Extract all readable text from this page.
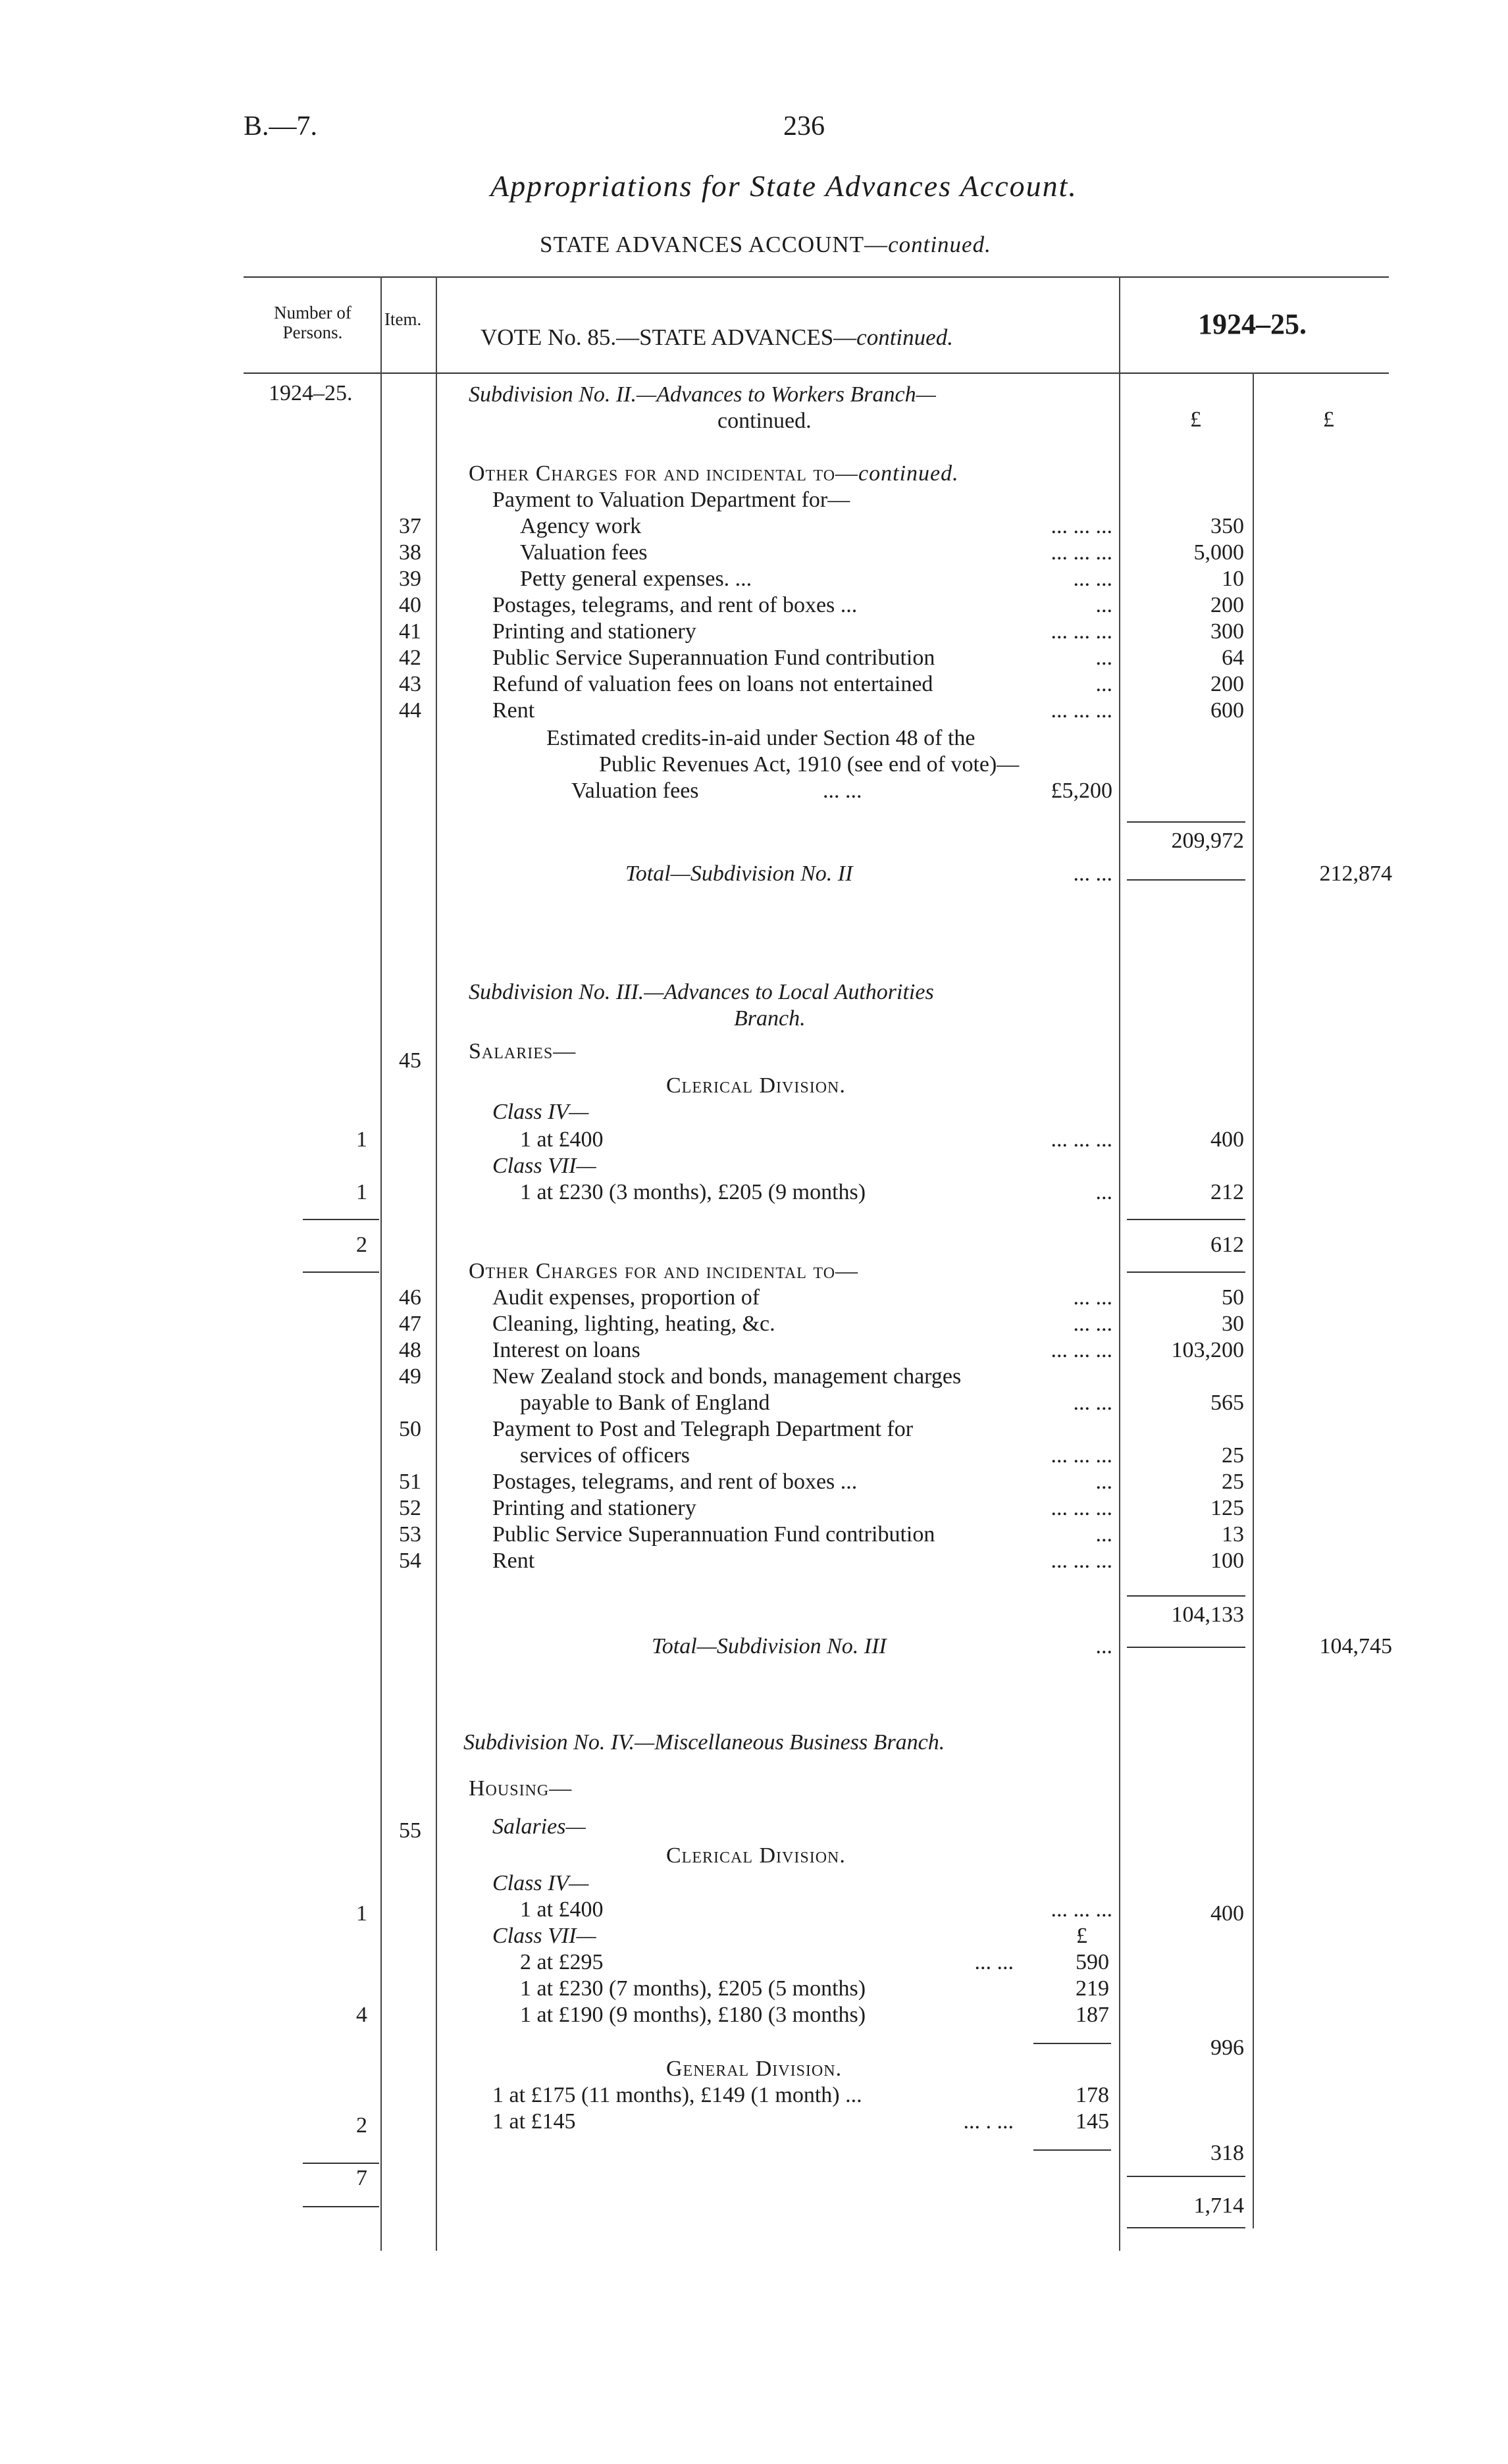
B.—7.	236
Appropriations for State Advances Account.
STATE ADVANCES ACCOUNT—continued.
Number of Persons.
Item.
VOTE No. 85.—STATE ADVANCES—continued.	1924–25.
1924–25.
£	£
Subdivision No. II.—Advances to Workers Branch—
continued.
Other Charges for and incidental to—continued.
Payment to Valuation Department for—
37	Agency work	... ... ...	350
38	Valuation fees	... ... ...	5,000
39	Petty general expenses. ...	... ...	10
40	Postages, telegrams, and rent of boxes ...	...	200
41	Printing and stationery	... ... ...	300
42	Public Service Superannuation Fund contribution	...	64
43	Refund of valuation fees on loans not entertained	...	200
44	Rent	... ... ...	600
Estimated credits-in-aid under Section 48 of the
Public Revenues Act, 1910 (see end of vote)—
Valuation fees	... ...	£5,200
209,972
Total—Subdivision No. II	... ...	212,874
Subdivision No. III.—Advances to Local Authorities
Branch.
45 Salaries—
Clerical Division.
Class IV—
1	1 at £400	... ... ...	400
Class VII—
1	1 at £230 (3 months), £205 (9 months)	...	212
2	612
Other Charges for and incidental to—
46	Audit expenses, proportion of	... ...	50
47	Cleaning, lighting, heating, &c.	... ...	30
48	Interest on loans	... ... ...	103,200
49	New Zealand stock and bonds, management charges
payable to Bank of England	... ...	565
50	Payment to Post and Telegraph Department for
services of officers	... ... ...	25
51	Postages, telegrams, and rent of boxes ...	...	25
52	Printing and stationery	... ... ...	125
53	Public Service Superannuation Fund contribution	...	13
54	Rent	... ... ...	100
104,133
Total—Subdivision No. III	...	104,745
Subdivision No. IV.—Miscellaneous Business Branch.
Housing—
55	Salaries—
Clerical Division.
Class IV—
1	1 at £400	... ... ...	400
Class VII—	£
2 at £295	... ...	590
1 at £230 (7 months), £205 (5 months)	219
4	1 at £190 (9 months), £180 (3 months)	187
996
General Division.
1 at £175 (11 months), £149 (1 month) ...	178
2	1 at £145	... . ...	145
318
7
1,714
